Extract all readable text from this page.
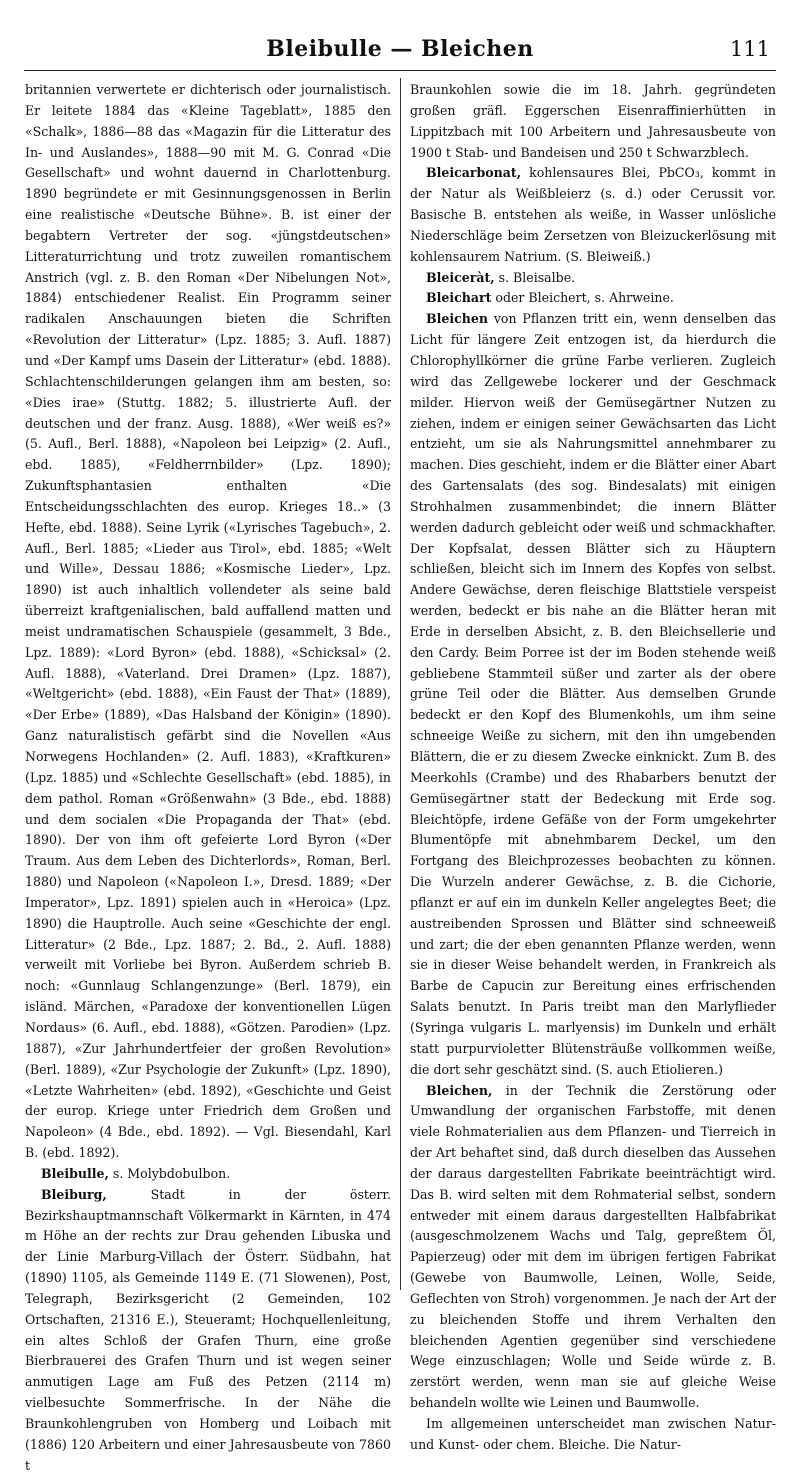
Bleibulle — Bleichen	111

britannien verwertete er dichterisch oder journalistisch. Er leitete 1884 das «Kleine Tageblatt», 1885 den «Schalk», 1886—88 das «Magazin für die Litteratur des In- und Auslandes», 1888—90 mit M. G. Conrad «Die Gesellschaft» und wohnt dauernd in Charlottenburg. 1890 begründete er mit Gesinnungsgenossen in Berlin eine realistische «Deutsche Bühne». B. ist einer der begabtern Vertreter der sog. «jüngstdeutschen» Litteraturrichtung und trotz zuweilen romantischem Anstrich (vgl. z. B. den Roman «Der Nibelungen Not», 1884) entschiedener Realist. Ein Programm seiner radikalen Anschauungen bieten die Schriften «Revolution der Litteratur» (Lpz. 1885; 3. Aufl. 1887) und «Der Kampf ums Dasein der Litteratur» (ebd. 1888). Schlachtenschilderungen gelangen ihm am besten, so: «Dies irae» (Stuttg. 1882; 5. illustrierte Aufl. der deutschen und der franz. Ausg. 1888), «Wer weiß es?» (5. Aufl., Berl. 1888), «Napoleon bei Leipzig» (2. Aufl., ebd. 1885), «Feldherrnbilder» (Lpz. 1890); Zukunftsphantasien enthalten «Die Entscheidungsschlachten des europ. Krieges 18..» (3 Hefte, ebd. 1888). Seine Lyrik («Lyrisches Tagebuch», 2. Aufl., Berl. 1885; «Lieder aus Tirol», ebd. 1885; «Welt und Wille», Dessau 1886; «Kosmische Lieder», Lpz. 1890) ist auch inhaltlich vollendeter als seine bald überreizt kraftgenialischen, bald auffallend matten und meist undramatischen Schauspiele (gesammelt, 3 Bde., Lpz. 1889): «Lord Byron» (ebd. 1888), «Schicksal» (2. Aufl. 1888), «Vaterland. Drei Dramen» (Lpz. 1887), «Weltgericht» (ebd. 1888), «Ein Faust der That» (1889), «Der Erbe» (1889), «Das Halsband der Königin» (1890). Ganz naturalistisch gefärbt sind die Novellen «Aus Norwegens Hochlanden» (2. Aufl. 1883), «Kraftkuren» (Lpz. 1885) und «Schlechte Gesellschaft» (ebd. 1885), in dem pathol. Roman «Größenwahn» (3 Bde., ebd. 1888) und dem socialen «Die Propaganda der That» (ebd. 1890). Der von ihm oft gefeierte Lord Byron («Der Traum. Aus dem Leben des Dichterlords», Roman, Berl. 1880) und Napoleon («Napoleon I.», Dresd. 1889; «Der Imperator», Lpz. 1891) spielen auch in «Heroica» (Lpz. 1890) die Hauptrolle. Auch seine «Geschichte der engl. Litteratur» (2 Bde., Lpz. 1887; 2. Bd., 2. Aufl. 1888) verweilt mit Vorliebe bei Byron. Außerdem schrieb B. noch: «Gunnlaug Schlangenzunge» (Berl. 1879), ein isländ. Märchen, «Paradoxe der konventionellen Lügen Nordaus» (6. Aufl., ebd. 1888), «Götzen. Parodien» (Lpz. 1887), «Zur Jahrhundertfeier der großen Revolution» (Berl. 1889), «Zur Psychologie der Zukunft» (Lpz. 1890), «Letzte Wahrheiten» (ebd. 1892), «Geschichte und Geist der europ. Kriege unter Friedrich dem Großen und Napoleon» (4 Bde., ebd. 1892). — Vgl. Biesendahl, Karl B. (ebd. 1892).

Bleibulle, s. Molybdobulbon.

Bleiburg, Stadt in der österr. Bezirkshauptmannschaft Völkermarkt in Kärnten, in 474 m Höhe an der rechts zur Drau gehenden Libuska und der Linie Marburg-Villach der Österr. Südbahn, hat (1890) 1105, als Gemeinde 1149 E. (71 Slowenen), Post, Telegraph, Bezirksgericht (2 Gemeinden, 102 Ortschaften, 21316 E.), Steueramt; Hochquellenleitung, ein altes Schloß der Grafen Thurn, eine große Bierbrauerei des Grafen Thurn und ist wegen seiner anmutigen Lage am Fuß des Petzen (2114 m) vielbesuchte Sommerfrische. In der Nähe die Braunkohlengruben von Homberg und Loibach mit (1886) 120 Arbeitern und einer Jahresausbeute von 7860 t

Braunkohlen sowie die im 18. Jahrh. gegründeten großen gräfl. Eggerschen Eisenraffinierhütten in Lippitzbach mit 100 Arbeitern und Jahresausbeute von 1900 t Stab- und Bandeisen und 250 t Schwarzblech.

Bleicarbonat, kohlensaures Blei, PbCO₃, kommt in der Natur als Weißbleierz (s. d.) oder Cerussit vor. Basische B. entstehen als weiße, in Wasser unlösliche Niederschläge beim Zersetzen von Bleizuckerlösung mit kohlensaurem Natrium. (S. Bleiweiß.)

Bleiceràt, s. Bleisalbe.

Bleichart oder Bleichert, s. Ahrweine.

Bleichen von Pflanzen tritt ein, wenn denselben das Licht für längere Zeit entzogen ist, da hierdurch die Chlorophyllkörner die grüne Farbe verlieren. Zugleich wird das Zellgewebe lockerer und der Geschmack milder. Hiervon weiß der Gemüsegärtner Nutzen zu ziehen, indem er einigen seiner Gewächsarten das Licht entzieht, um sie als Nahrungsmittel annehmbarer zu machen. Dies geschieht, indem er die Blätter einer Abart des Gartensalats (des sog. Bindesalats) mit einigen Strohhalmen zusammenbindet; die innern Blätter werden dadurch gebleicht oder weiß und schmackhafter. Der Kopfsalat, dessen Blätter sich zu Häuptern schließen, bleicht sich im Innern des Kopfes von selbst. Andere Gewächse, deren fleischige Blattstiele verspeist werden, bedeckt er bis nahe an die Blätter heran mit Erde in derselben Absicht, z. B. den Bleichsellerie und den Cardy. Beim Porree ist der im Boden stehende weiß gebliebene Stammteil süßer und zarter als der obere grüne Teil oder die Blätter. Aus demselben Grunde bedeckt er den Kopf des Blumenkohls, um ihm seine schneeige Weiße zu sichern, mit den ihn umgebenden Blättern, die er zu diesem Zwecke einknickt. Zum B. des Meerkohls (Crambe) und des Rhabarbers benutzt der Gemüsegärtner statt der Bedeckung mit Erde sog. Bleichtöpfe, irdene Gefäße von der Form umgekehrter Blumentöpfe mit abnehmbarem Deckel, um den Fortgang des Bleichprozesses beobachten zu können. Die Wurzeln anderer Gewächse, z. B. die Cichorie, pflanzt er auf ein im dunkeln Keller angelegtes Beet; die austreibenden Sprossen und Blätter sind schneeweiß und zart; die der eben genannten Pflanze werden, wenn sie in dieser Weise behandelt werden, in Frankreich als Barbe de Capucin zur Bereitung eines erfrischenden Salats benutzt. In Paris treibt man den Marlyflieder (Syringa vulgaris L. marlyensis) im Dunkeln und erhält statt purpurvioletter Blütensträuße vollkommen weiße, die dort sehr geschätzt sind. (S. auch Etiolieren.)

Bleichen, in der Technik die Zerstörung oder Umwandlung der organischen Farbstoffe, mit denen viele Rohmaterialien aus dem Pflanzen- und Tierreich in der Art behaftet sind, daß durch dieselben das Aussehen der daraus dargestellten Fabrikate beeinträchtigt wird. Das B. wird selten mit dem Rohmaterial selbst, sondern entweder mit einem daraus dargestellten Halbfabrikat (ausgeschmolzenem Wachs und Talg, gepreßtem Öl, Papierzeug) oder mit dem im übrigen fertigen Fabrikat (Gewebe von Baumwolle, Leinen, Wolle, Seide, Geflechten von Stroh) vorgenommen. Je nach der Art der zu bleichenden Stoffe und ihrem Verhalten den bleichenden Agentien gegenüber sind verschiedene Wege einzuschlagen; Wolle und Seide würde z. B. zerstört werden, wenn man sie auf gleiche Weise behandeln wollte wie Leinen und Baumwolle.

Im allgemeinen unterscheidet man zwischen Natur- und Kunst- oder chem. Bleiche. Die Natur-
